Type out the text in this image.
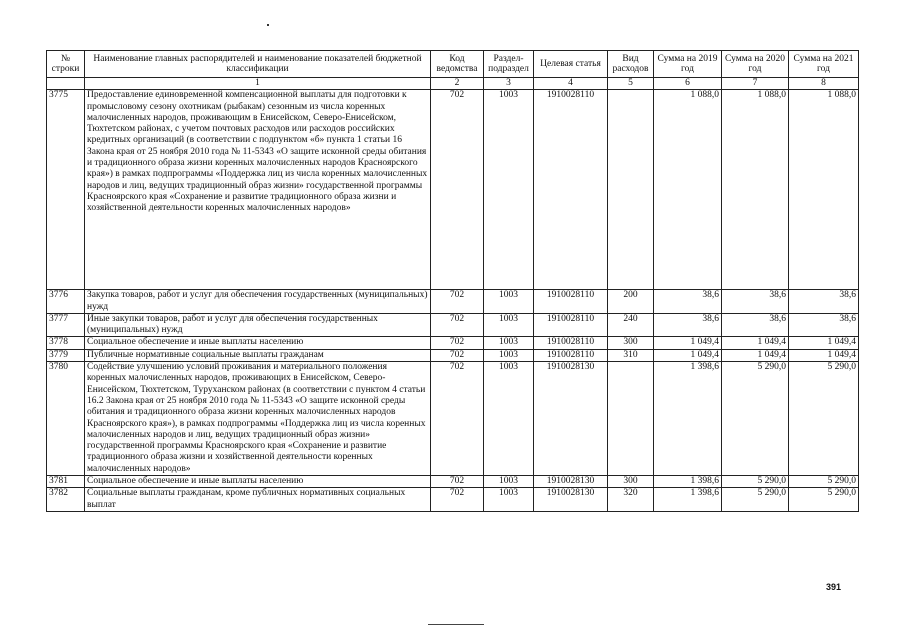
№ строки	Наименование главных распорядителей и наименование показателей бюджетной классификации	Код ведомства	Раздел-подраздел	Целевая статья	Вид расходов	Сумма на 2019 год	Сумма на 2020 год	Сумма на 2021 год
	1	2	3	4	5	6	7	8
3775	Предоставление единовременной компенсационной выплаты для подготовки к промысловому сезону охотникам (рыбакам) сезонным из числа коренных малочисленных народов, проживающим в Енисейском, Северо-Енисейском, Тюхтетском районах, с учетом почтовых расходов или расходов российских кредитных организаций (в соответствии с подпунктом «б» пункта 1 статьи 16 Закона края от 25 ноября 2010 года № 11-5343 «О защите исконной среды обитания и традиционного образа жизни коренных малочисленных народов Красноярского края») в рамках подпрограммы «Поддержка лиц из числа коренных малочисленных народов и лиц, ведущих традиционный образ жизни» государственной программы Красноярского края «Сохранение и развитие традиционного образа жизни и хозяйственной деятельности коренных малочисленных народов»	702	1003	1910028110		1 088,0	1 088,0	1 088,0
3776	Закупка товаров, работ и услуг для обеспечения государственных (муниципальных) нужд	702	1003	1910028110	200	38,6	38,6	38,6
3777	Иные закупки товаров, работ и услуг для обеспечения государственных (муниципальных) нужд	702	1003	1910028110	240	38,6	38,6	38,6
3778	Социальное обеспечение и иные выплаты населению	702	1003	1910028110	300	1 049,4	1 049,4	1 049,4
3779	Публичные нормативные социальные выплаты гражданам	702	1003	1910028110	310	1 049,4	1 049,4	1 049,4
3780	Содействие улучшению условий проживания и материального положения коренных малочисленных народов, проживающих в Енисейском, Северо-Енисейском, Тюхтетском, Туруханском районах (в соответствии с пунктом 4 статьи 16.2 Закона края от 25 ноября 2010 года № 11-5343 «О защите исконной среды обитания и традиционного образа жизни коренных малочисленных народов Красноярского края»), в рамках подпрограммы «Поддержка лиц из числа коренных малочисленных народов и лиц, ведущих традиционный образ жизни» государственной программы Красноярского края «Сохранение и развитие традиционного образа жизни и хозяйственной деятельности коренных малочисленных народов»	702	1003	1910028130		1 398,6	5 290,0	5 290,0
3781	Социальное обеспечение и иные выплаты населению	702	1003	1910028130	300	1 398,6	5 290,0	5 290,0
3782	Социальные выплаты гражданам, кроме публичных нормативных социальных выплат	702	1003	1910028130	320	1 398,6	5 290,0	5 290,0
391
